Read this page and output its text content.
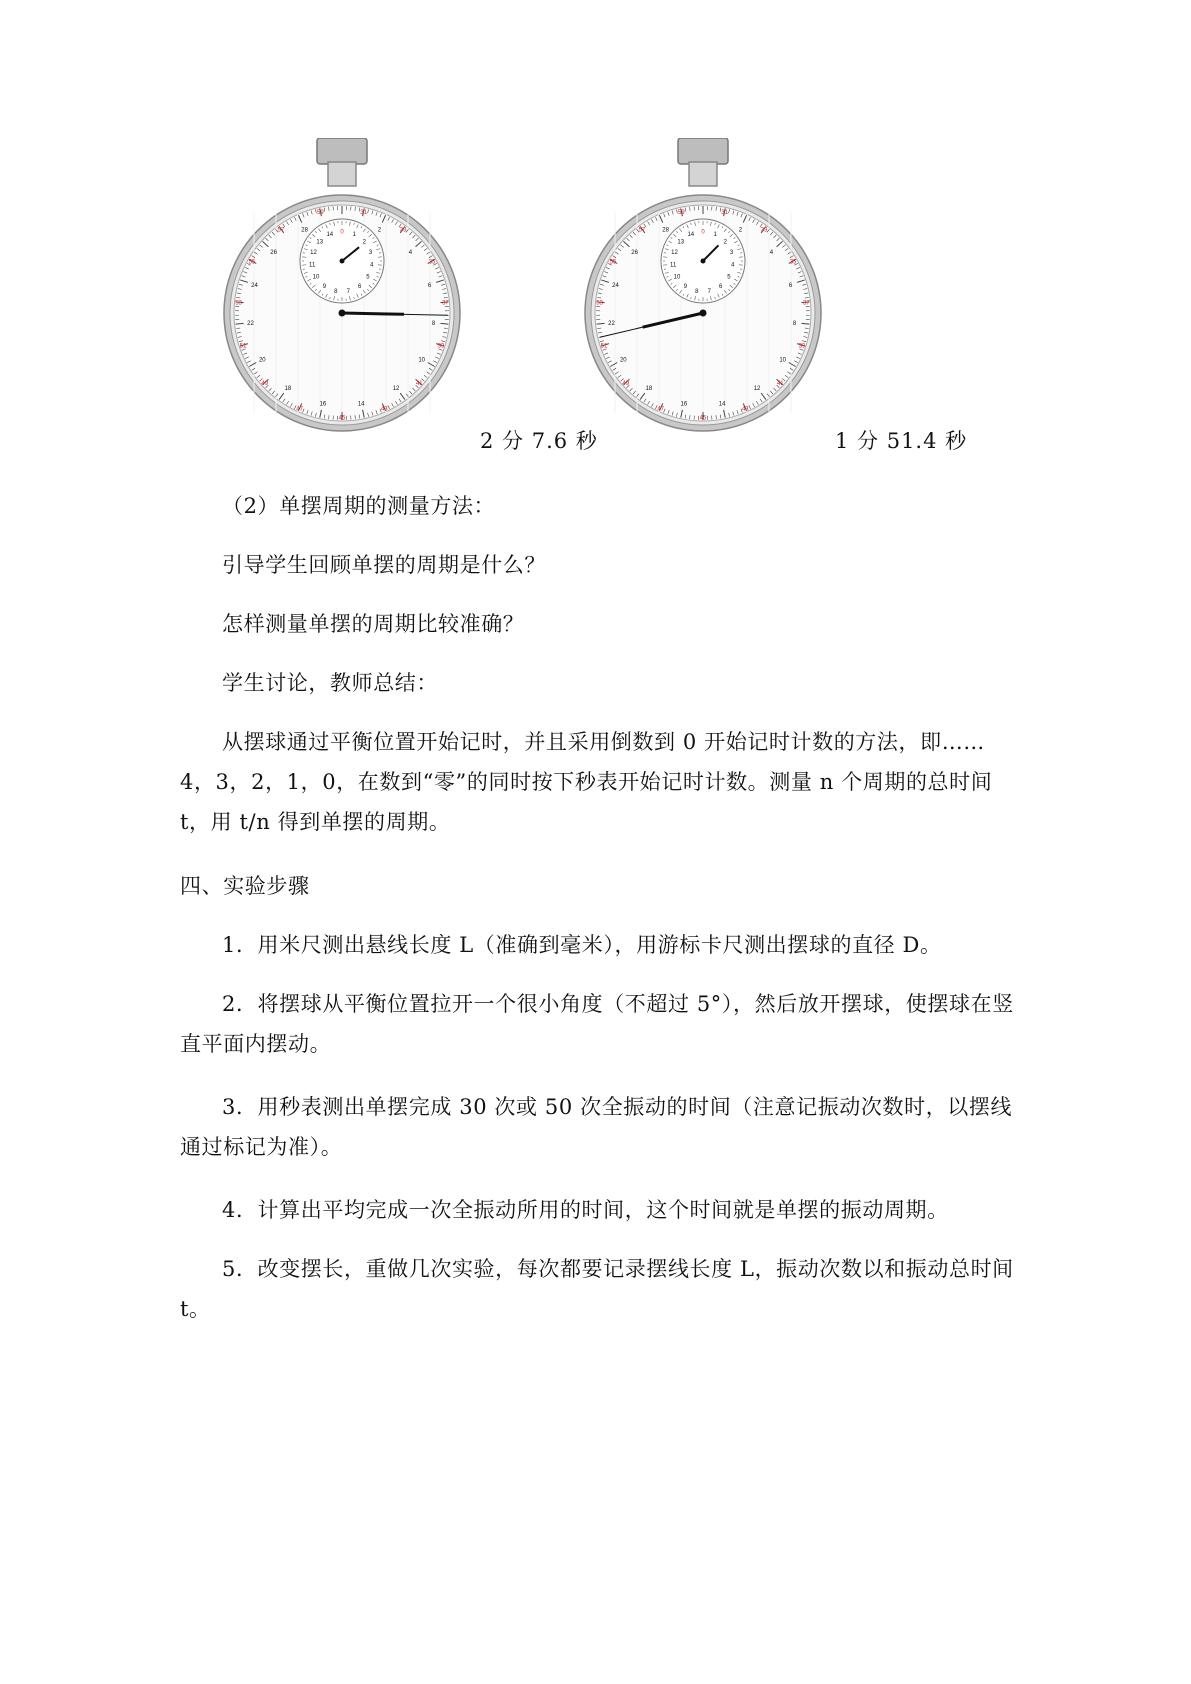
2
4
6
8
10
12
14
16
18
20
22
24
26
28
31
33
35
37
39
41
43
45
47
49
51
53
55
57
59
0 1
2
3
4
5
6
7
8
9
10
11
12
13
14
2
4
6
8
10
12
14
16
18
20
22
24
26
28
31
33
35
37
39
41
43
45
47
49
51
53
55
57
59
0 1
2
3
4
5
6
7
8
9
10
11
12
13
14
2 分 7.6 秒	1 分 51.4 秒

（2）单摆周期的测量方法：

引导学生回顾单摆的周期是什么？

怎样测量单摆的周期比较准确？

学生讨论，教师总结：

从摆球通过平衡位置开始记时，并且采用倒数到 0 开始记时计数的方法，即……4，3，2，1，0，在数到“零”的同时按下秒表开始记时计数。测量 n 个周期的总时间 t，用 t/n 得到单摆的周期。

四、实验步骤

1．用米尺测出悬线长度 L（准确到毫米），用游标卡尺测出摆球的直径 D。

2．将摆球从平衡位置拉开一个很小角度（不超过 5°），然后放开摆球，使摆球在竖直平面内摆动。

3．用秒表测出单摆完成 30 次或 50 次全振动的时间（注意记振动次数时，以摆线通过标记为准）。

4．计算出平均完成一次全振动所用的时间，这个时间就是单摆的振动周期。

5．改变摆长，重做几次实验，每次都要记录摆线长度 L，振动次数以和振动总时间 t。
